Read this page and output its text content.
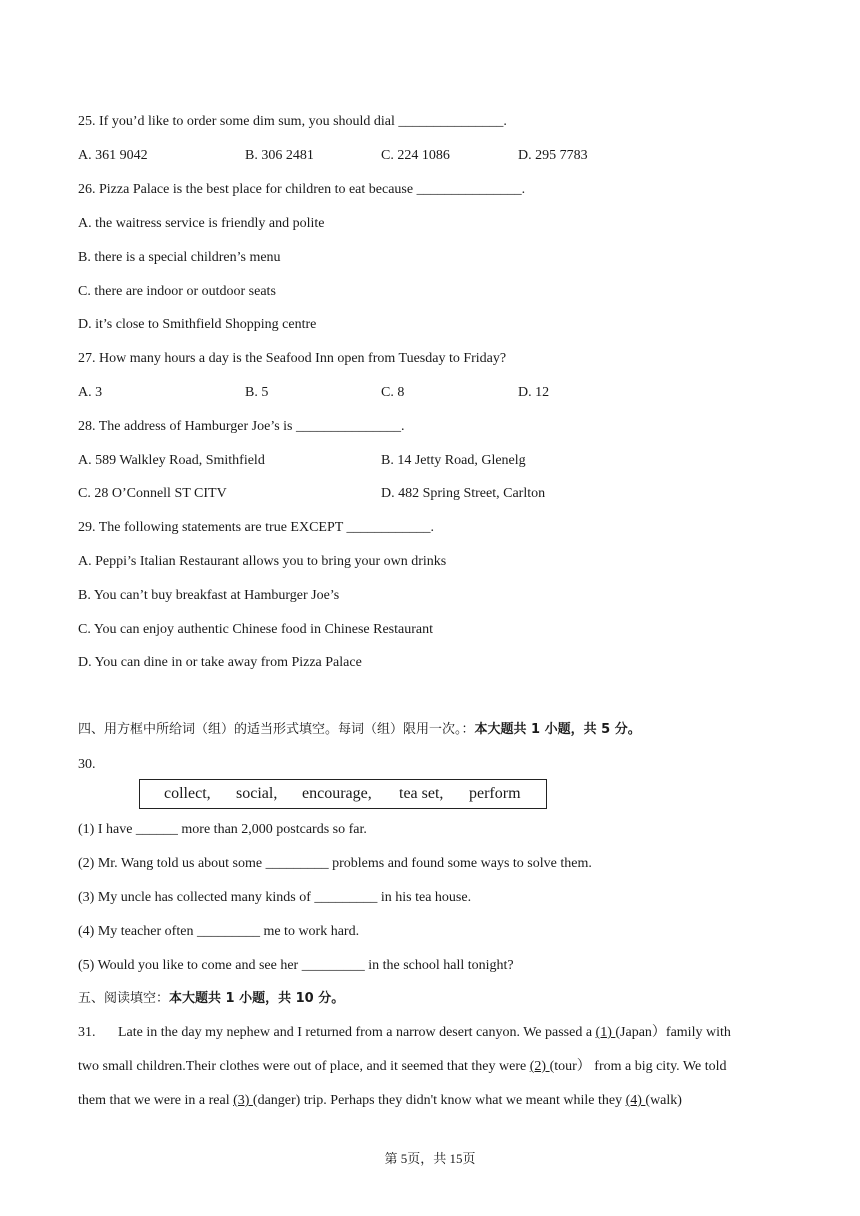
25. If you’d like to order some dim sum, you should dial _______________.
A. 361 9042	B. 306 2481	C. 224 1086	D. 295 7783
26. Pizza Palace is the best place for children to eat because _______________.
A. the waitress service is friendly and polite
B. there is a special children’s menu
C. there are indoor or outdoor seats
D. it’s close to Smithfield Shopping centre
27. How many hours a day is the Seafood Inn open from Tuesday to Friday?
A. 3	B. 5	C. 8	D. 12
28. The address of Hamburger Joe’s is _______________.
A. 589 Walkley Road, Smithfield	B. 14 Jetty Road, Glenelg
C. 28 O’Connell ST CITV	D. 482 Spring Street, Carlton
29. The following statements are true EXCEPT ____________.
A. Peppi’s Italian Restaurant allows you to bring your own drinks
B. You can’t buy breakfast at Hamburger Joe’s
C. You can enjoy authentic Chinese food in Chinese Restaurant
D. You can dine in or take away from Pizza Palace
四、用方框中所给词（组）的适当形式填空。每词（组）限用一次。：本大题共 1 小题，共 5 分。
30.
collect, social, encourage, tea set, perform
(1) I have ______ more than 2,000 postcards so far.
(2) Mr. Wang told us about some _________ problems and found some ways to solve them.
(3) My uncle has collected many kinds of _________ in his tea house.
(4) My teacher often _________ me to work hard.
(5) Would you like to come and see her _________ in the school hall tonight?
五、阅读填空：本大题共 1 小题，共 10 分。
31. Late in the day my nephew and I returned from a narrow desert canyon. We passed a (1) (Japan）family with
two small children.Their clothes were out of place, and it seemed that they were (2) (tour） from a big city. We told
them that we were in a real (3) (danger) trip. Perhaps they didn't know what we meant while they (4) (walk)
第 5页，共 15页
